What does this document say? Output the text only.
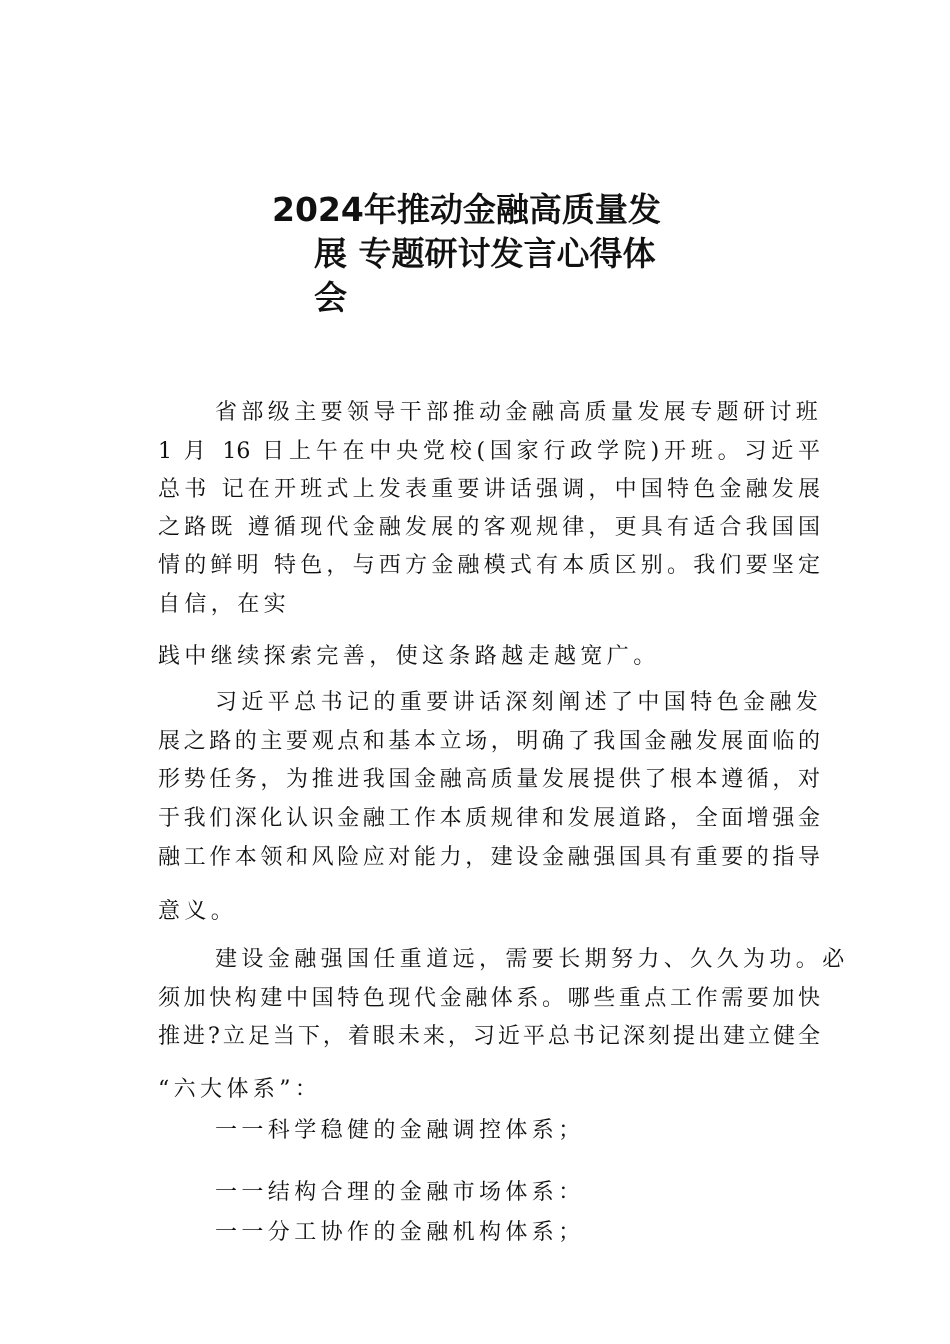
2024年推动金融高质量发
展 专题研讨发言心得体
会
省部级主要领导干部推动金融高质量发展专题研讨班
1 月 16 日上午在中央党校(国家行政学院)开班。习近平
总书 记在开班式上发表重要讲话强调，中国特色金融发展
之路既 遵循现代金融发展的客观规律，更具有适合我国国
情的鲜明 特色，与西方金融模式有本质区别。我们要坚定
自信，在实
践中继续探索完善，使这条路越走越宽广。
习近平总书记的重要讲话深刻阐述了中国特色金融发
展之路的主要观点和基本立场，明确了我国金融发展面临的
形势任务，为推进我国金融高质量发展提供了根本遵循，对
于我们深化认识金融工作本质规律和发展道路，全面增强金
融工作本领和风险应对能力，建设金融强国具有重要的指导
意义。
建设金融强国任重道远，需要长期努力、久久为功。必
须加快构建中国特色现代金融体系。哪些重点工作需要加快
推进?立足当下，着眼未来，习近平总书记深刻提出建立健全
“六大体系”：
一一科学稳健的金融调控体系；
一一结构合理的金融市场体系：
一一分工协作的金融机构体系；
